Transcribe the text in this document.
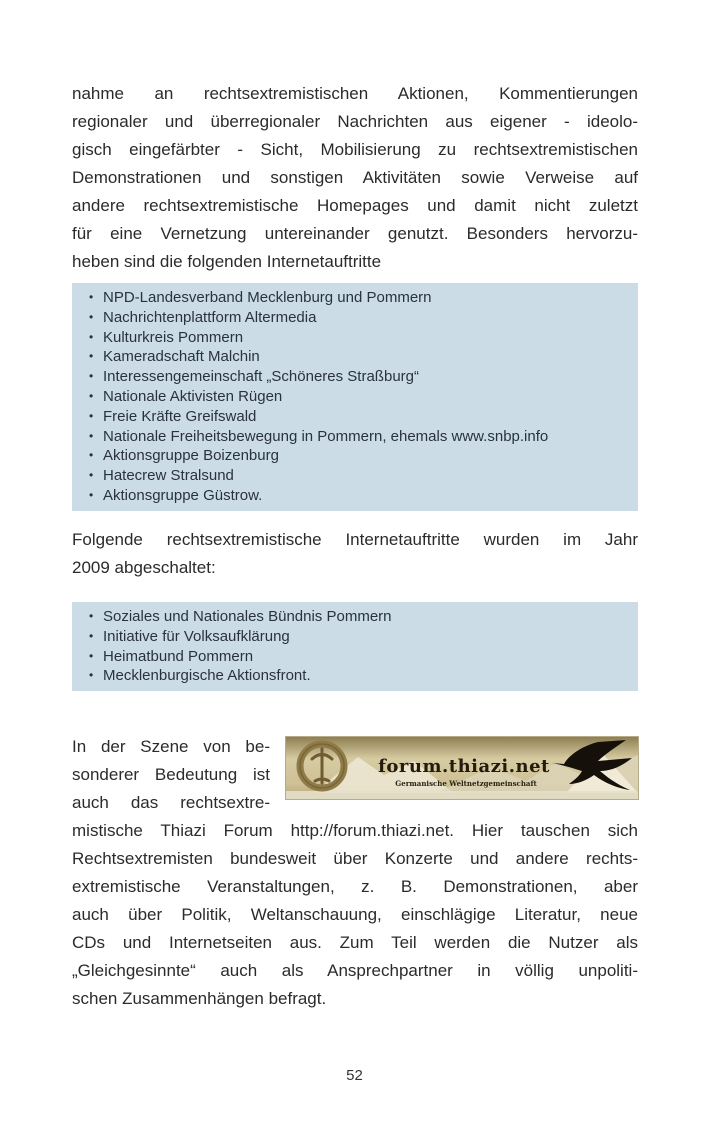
nahme an rechtsextremistischen Aktionen, Kommentierungen
regionaler und überregionaler Nachrichten aus eigener - ideolo-
gisch eingefärbter - Sicht, Mobilisierung zu rechtsextremistischen
Demonstrationen und sonstigen Aktivitäten sowie Verweise auf
andere rechtsextremistische Homepages und damit nicht zuletzt
für eine Vernetzung untereinander genutzt. Besonders hervorzu-
heben sind die folgenden Internetauftritte
• NPD-Landesverband Mecklenburg und Pommern
• Nachrichtenplattform Altermedia
• Kulturkreis Pommern
• Kameradschaft Malchin
• Interessengemeinschaft „Schöneres Straßburg“
• Nationale Aktivisten Rügen
• Freie Kräfte Greifswald
• Nationale Freiheitsbewegung in Pommern, ehemals www.snbp.info
• Aktionsgruppe Boizenburg
• Hatecrew Stralsund
• Aktionsgruppe Güstrow.
Folgende rechtsextremistische Internetauftritte wurden im Jahr
2009 abgeschaltet:
• Soziales und Nationales Bündnis Pommern
• Initiative für Volksaufklärung
• Heimatbund Pommern
• Mecklenburgische Aktionsfront.
forum.thiazi.net
Germanische Weltnetzgemeinschaft
In der Szene von be-
sonderer Bedeutung ist
auch das rechtsextre-
mistische Thiazi Forum http://forum.thiazi.net. Hier tauschen sich
Rechtsextremisten bundesweit über Konzerte und andere rechts-
extremistische Veranstaltungen, z. B. Demonstrationen, aber
auch über Politik, Weltanschauung, einschlägige Literatur, neue
CDs und Internetseiten aus. Zum Teil werden die Nutzer als
„Gleichgesinnte“ auch als Ansprechpartner in völlig unpoliti-
schen Zusammenhängen befragt.
52
